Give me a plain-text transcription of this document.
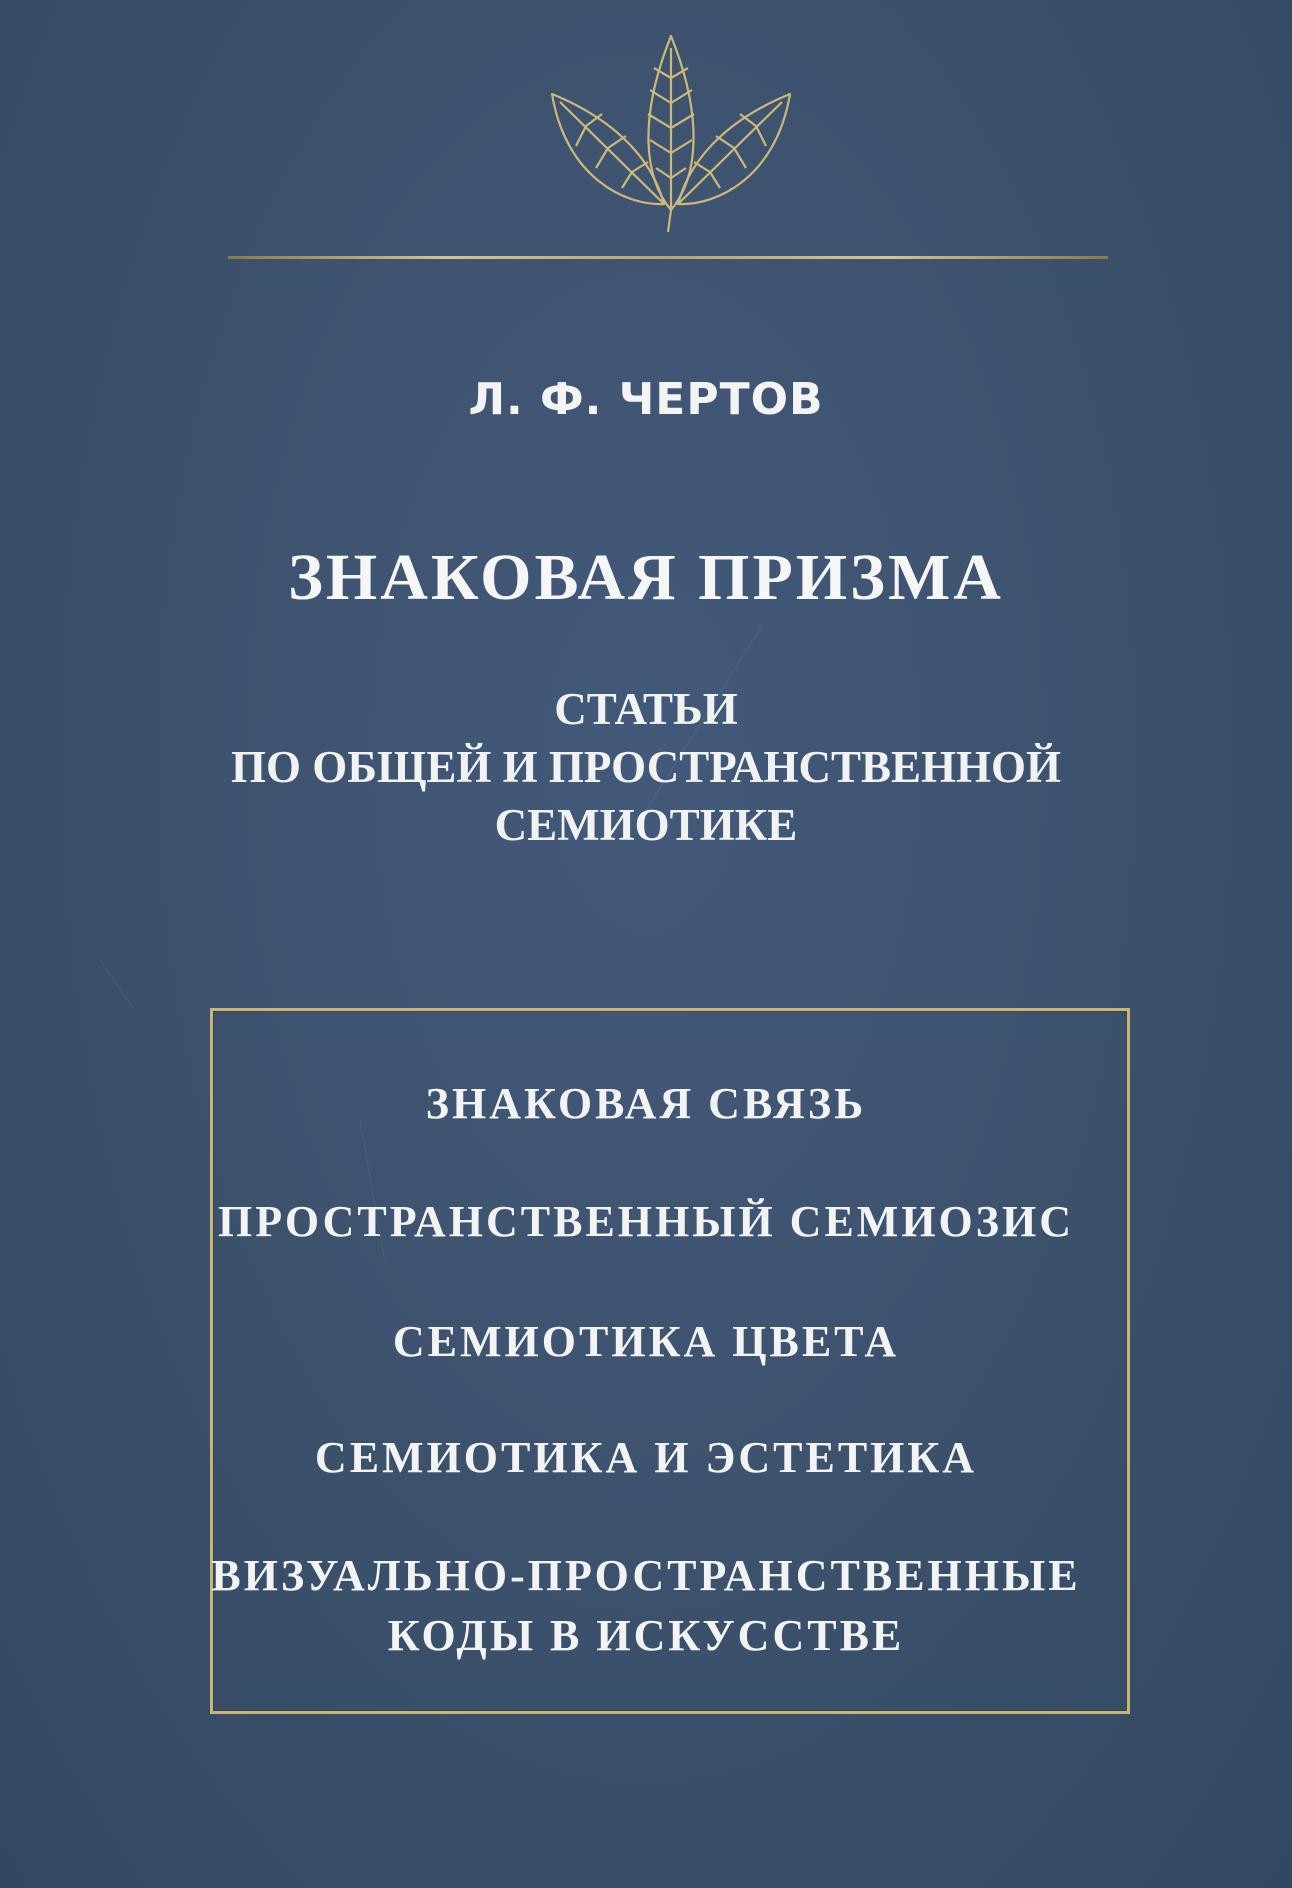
Л. Ф. ЧЕРТОВ
ЗНАКОВАЯ ПРИЗМА
СТАТЬИ
ПО ОБЩЕЙ И ПРОСТРАНСТВЕННОЙ
СЕМИОТИКЕ
ЗНАКОВАЯ СВЯЗЬ
ПРОСТРАНСТВЕННЫЙ СЕМИОЗИС
СЕМИОТИКА ЦВЕТА
СЕМИОТИКА И ЭСТЕТИКА
ВИЗУАЛЬНО-ПРОСТРАНСТВЕННЫЕ
КОДЫ В ИСКУССТВЕ
